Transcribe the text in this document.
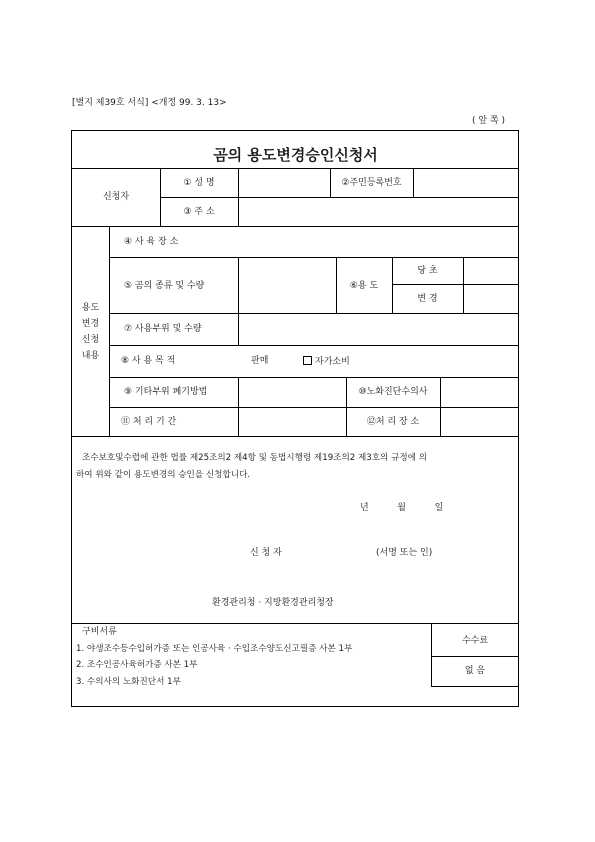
[별지 제39호 서식] <개정 99. 3. 13>
( 앞 쪽 )
곰의 용도변경승인신청서
신청자
① 성 명	②주민등록번호
③ 주 소
용도
변경
신청
내용
④ 사 육 장 소
⑤ 곰의 종류 및 수량	⑥용 도
당 초
변 경
⑦ 사용부위 및 수량
⑧ 사 용 목 적	판매	자가소비
⑨ 기타부위 폐기방법	⑩노화진단수의사
⑪ 처 리 기 간	⑫처 리 장 소
조수보호및수렵에 관한 법률 제25조의2 제4항 및 동법시행령 제19조의2 제3호의 규정에 의
하여 위와 같이 용도변경의 승인을 신청합니다.
년          월          일
신 청 자	(서명 또는 인)
환경관리청 · 지방환경관리청장
구비서류
1. 야생조수등수입허가증 또는 인공사육 · 수입조수양도신고필증 사본 1부
2. 조수인공사육허가증 사본 1부
3. 수의사의 노화진단서 1부
수수료
없 음
